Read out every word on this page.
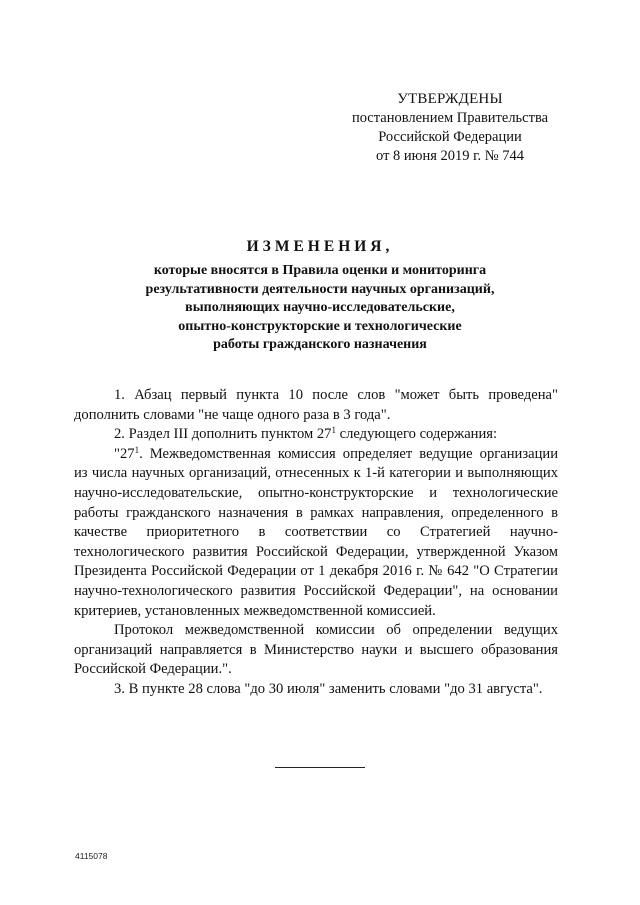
УТВЕРЖДЕНЫ
постановлением Правительства
Российской Федерации
от 8 июня 2019 г. № 744
ИЗМЕНЕНИЯ,
которые вносятся в Правила оценки и мониторинга
результативности деятельности научных организаций,
выполняющих научно-исследовательские,
опытно-конструкторские и технологические
работы гражданского назначения

1. Абзац первый пункта 10 после слов "может быть проведена" дополнить словами "не чаще одного раза в 3 года".

2. Раздел III дополнить пунктом $27^1$ следующего содержания:

"$27^1$. Межведомственная комиссия определяет ведущие организации из числа научных организаций, отнесенных к 1-й категории и выполняющих научно-исследовательские, опытно-конструкторские и технологические работы гражданского назначения в рамках направления, определенного в качестве приоритетного в соответствии со Стратегией научно-технологического развития Российской Федерации, утвержденной Указом Президента Российской Федерации от 1 декабря 2016 г. № 642 "О Стратегии научно-технологического развития Российской Федерации", на основании критериев, установленных межведомственной комиссией.

Протокол межведомственной комиссии об определении ведущих организаций направляется в Министерство науки и высшего образования Российской Федерации.".

3. В пункте 28 слова "до 30 июля" заменить словами "до 31 августа".

4115078
